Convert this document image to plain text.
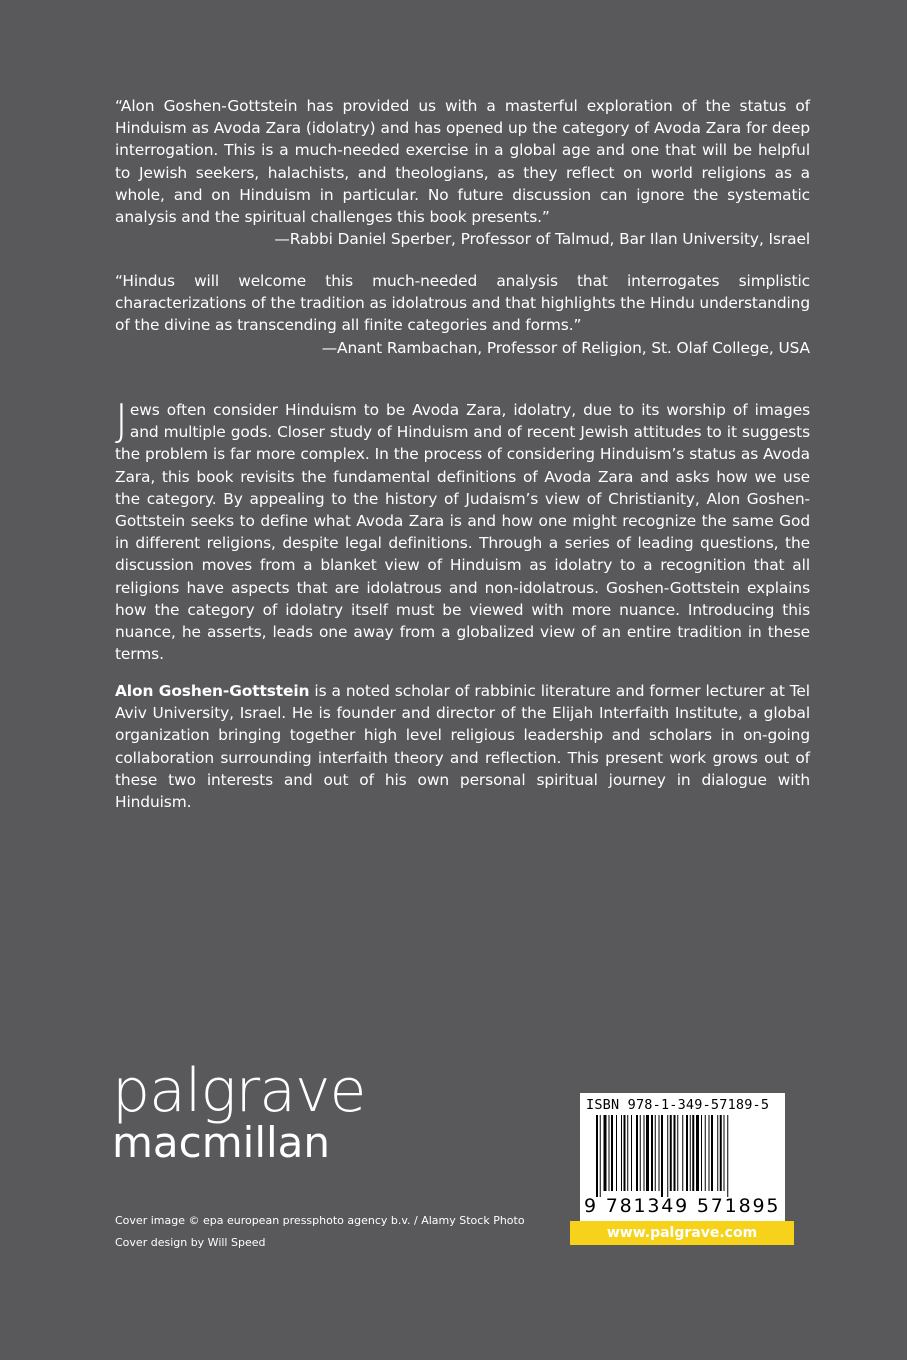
“Alon Goshen-Gottstein has provided us with a masterful exploration of the status of Hinduism as Avoda Zara (idolatry) and has opened up the category of Avoda Zara for deep interrogation. This is a much-needed exercise in a global age and one that will be helpful to Jewish seekers, halachists, and theologians, as they reflect on world religions as a whole, and on Hinduism in particular. No future discussion can ignore the systematic analysis and the spiritual challenges this book presents.”
—Rabbi Daniel Sperber, Professor of Talmud, Bar Ilan University, Israel
“Hindus will welcome this much-needed analysis that interrogates simplistic characterizations of the tradition as idolatrous and that highlights the Hindu understanding of the divine as transcending all finite categories and forms.”
—Anant Rambachan, Professor of Religion, St. Olaf College, USA
Jews often consider Hinduism to be Avoda Zara, idolatry, due to its worship of images and multiple gods. Closer study of Hinduism and of recent Jewish attitudes to it suggests the problem is far more complex. In the process of considering Hinduism’s status as Avoda Zara, this book revisits the fundamental definitions of Avoda Zara and asks how we use the category. By appealing to the history of Judaism’s view of Christianity, Alon Goshen-Gottstein seeks to define what Avoda Zara is and how one might recognize the same God in different religions, despite legal definitions. Through a series of leading questions, the discussion moves from a blanket view of Hinduism as idolatry to a recognition that all religions have aspects that are idolatrous and non-idolatrous. Goshen-Gottstein explains how the category of idolatry itself must be viewed with more nuance. Introducing this nuance, he asserts, leads one away from a globalized view of an entire tradition in these terms.
Alon Goshen-Gottstein is a noted scholar of rabbinic literature and former lecturer at Tel Aviv University, Israel. He is founder and director of the Elijah Interfaith Institute, a global organization bringing together high level religious leadership and scholars in on-going collaboration surrounding interfaith theory and reflection. This present work grows out of these two interests and out of his own personal spiritual journey in dialogue with Hinduism.
palgrave
macmillan
Cover image © epa european pressphoto agency b.v. / Alamy Stock Photo
Cover design by Will Speed
ISBN 978-1-349-57189-5
9 781349 571895
www.palgrave.com
